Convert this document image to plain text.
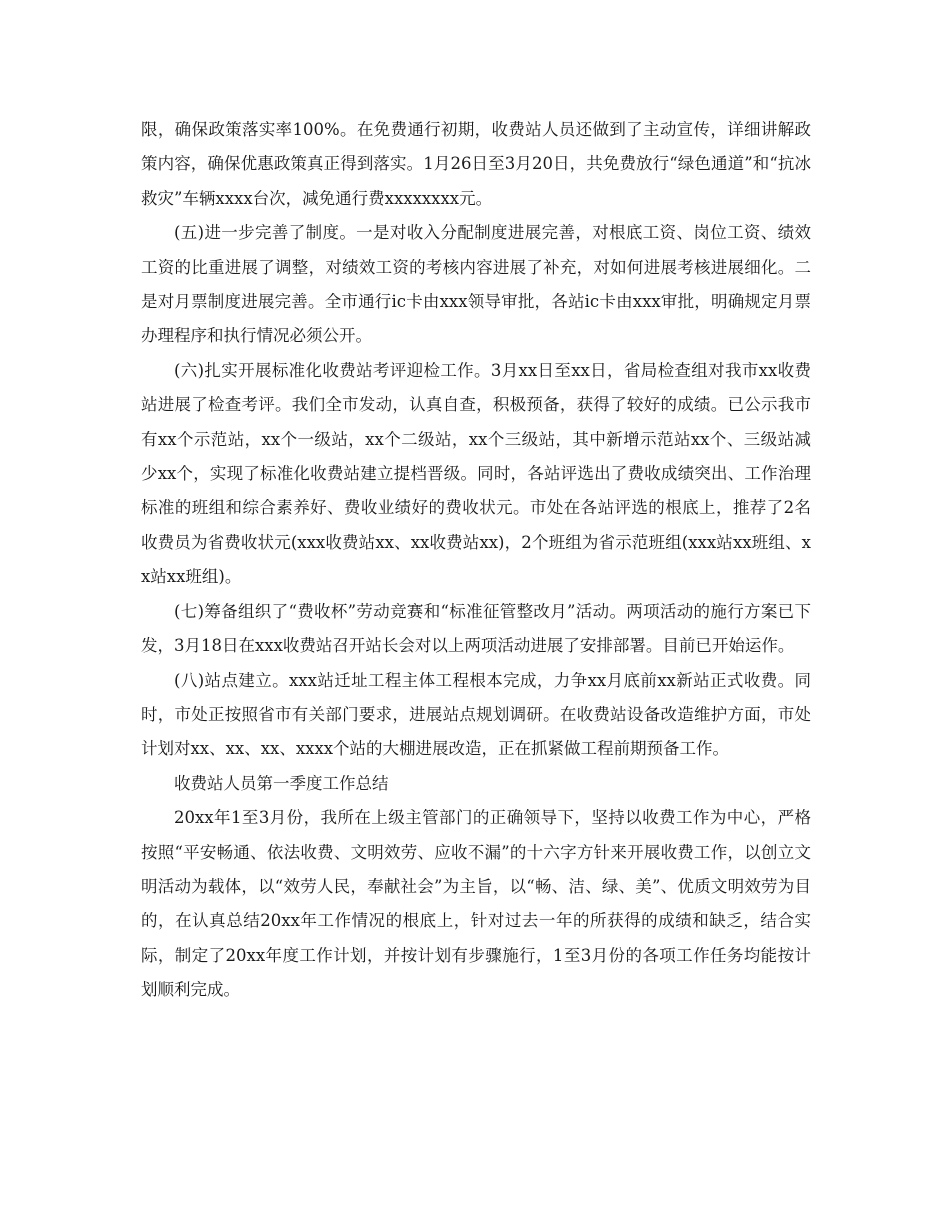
限，确保政策落实率100%。在免费通行初期，收费站人员还做到了主动宣传，详细讲解政策内容，确保优惠政策真正得到落实。1月26日至3月20日，共免费放行“绿色通道”和“抗冰救灾”车辆xxxx台次，减免通行费xxxxxxxx元。

(五)进一步完善了制度。一是对收入分配制度进展完善，对根底工资、岗位工资、绩效工资的比重进展了调整，对绩效工资的考核内容进展了补充，对如何进展考核进展细化。二是对月票制度进展完善。全市通行ic卡由xxx领导审批，各站ic卡由xxx审批，明确规定月票办理程序和执行情况必须公开。

(六)扎实开展标准化收费站考评迎检工作。3月xx日至xx日，省局检查组对我市xx收费站进展了检查考评。我们全市发动，认真自查，积极预备，获得了较好的成绩。已公示我市有xx个示范站，xx个一级站，xx个二级站，xx个三级站，其中新增示范站xx个、三级站减少xx个，实现了标准化收费站建立提档晋级。同时，各站评选出了费收成绩突出、工作治理标准的班组和综合素养好、费收业绩好的费收状元。市处在各站评选的根底上，推荐了2名收费员为省费收状元(xxx收费站xx、xx收费站xx)，2个班组为省示范班组(xxx站xx班组、xx站xx班组)。

(七)筹备组织了“费收杯”劳动竞赛和“标准征管整改月”活动。两项活动的施行方案已下发，3月18日在xxx收费站召开站长会对以上两项活动进展了安排部署。目前已开始运作。

(八)站点建立。xxx站迁址工程主体工程根本完成，力争xx月底前xx新站正式收费。同时，市处正按照省市有关部门要求，进展站点规划调研。在收费站设备改造维护方面，市处计划对xx、xx、xx、xxxx个站的大棚进展改造，正在抓紧做工程前期预备工作。

收费站人员第一季度工作总结

20xx年1至3月份，我所在上级主管部门的正确领导下，坚持以收费工作为中心，严格按照“平安畅通、依法收费、文明效劳、应收不漏”的十六字方针来开展收费工作，以创立文明活动为载体，以“效劳人民，奉献社会”为主旨，以“畅、洁、绿、美”、优质文明效劳为目的，在认真总结20xx年工作情况的根底上，针对过去一年的所获得的成绩和缺乏，结合实际，制定了20xx年度工作计划，并按计划有步骤施行，1至3月份的各项工作任务均能按计划顺利完成。
